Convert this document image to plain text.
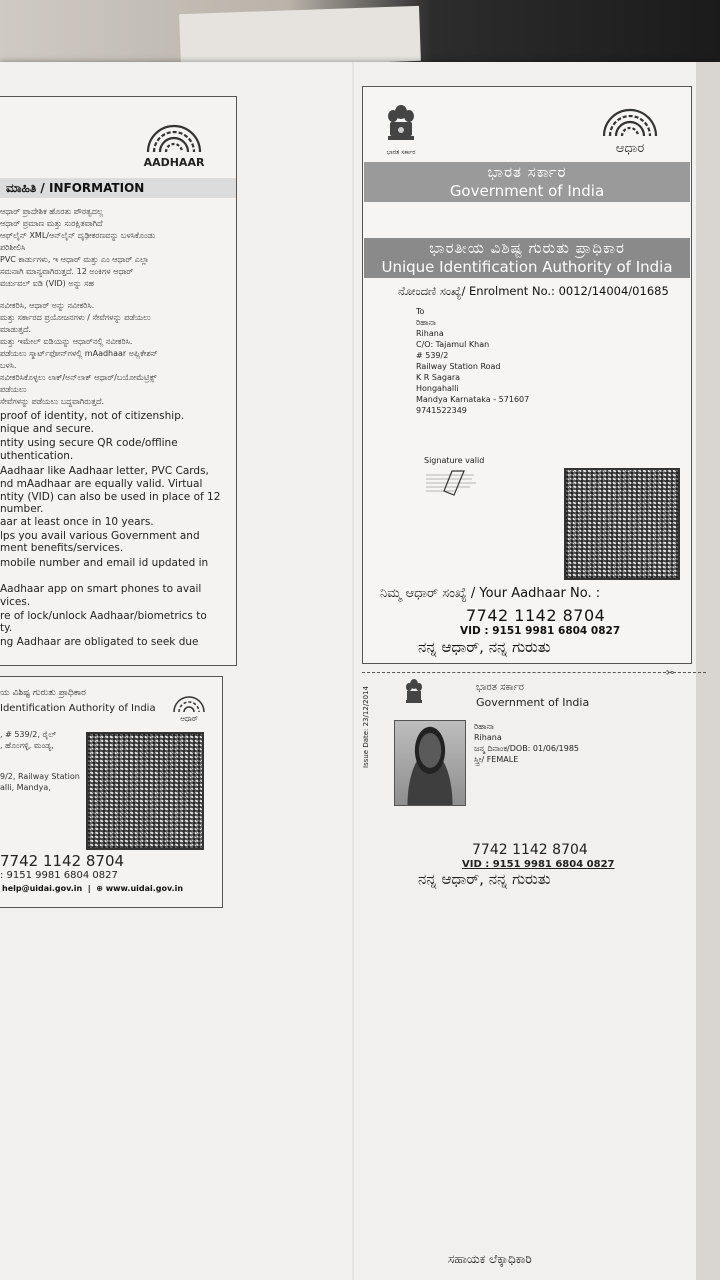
AADHAAR
ಮಾಹಿತಿ / INFORMATION
ಆಧಾರ್ ಪ್ರಾದೇಶಿಕ ಹೊರತು ಪೌರತ್ವದಲ್ಲ
ಆಧಾರ್ ಪ್ರಮಾಣ ಮತ್ತು ಸುರಕ್ಷಿತವಾಗಿದೆ
ಆಫ್‌ಲೈನ್ XML/ಆನ್‌ಲೈನ್ ದೃಢೀಕರಣವನ್ನು ಬಳಸಿಕೊಂಡು
ಪರಿಶೀಲಿಸಿ
PVC ಕಾರ್ಡುಗಳು, ಇ ಆಧಾರ್ ಮತ್ತು ಎಂ ಆಧಾರ್ ಎಲ್ಲಾ
ಸಮನಾಗಿ ಮಾನ್ಯವಾಗಿರುತ್ತದೆ. 12 ಅಂಕಿಗಳ ಆಧಾರ್
ವರ್ಚುವಲ್ ಐಡಿ (VID) ಅನ್ನು ಸಹ
ನವೀಕರಿಸಿ, ಆಧಾರ್ ಅನ್ನು ನವೀಕರಿಸಿ.
ಮತ್ತು ಸರ್ಕಾರದ ಪ್ರಯೋಜನಗಳು / ಸೇವೆಗಳನ್ನು ಪಡೆಯಲು
ಮಾಡುತ್ತದೆ.
ಮತ್ತು ಇಮೇಲ್ ಐಡಿಯನ್ನು ಆಧಾರ್‌ನಲ್ಲಿ ನವೀಕರಿಸಿ.
ಪಡೆಯಲು ಸ್ಮಾರ್ಟ್‌ಫೋನ್‌ಗಳಲ್ಲಿ mAadhaar ಅಪ್ಲಿಕೇಶನ್
ಬಳಸಿ.
ನವೀಕರಿಸಿಕೊಳ್ಳಲು ಲಾಕ್/ಅನ್‌ಲಾಕ್ ಆಧಾರ್/ಬಯೋಮೆಟ್ರಿಕ್ಸ್
ಪಡೆಯಲು
ಸೇವೆಗಳನ್ನು ಪಡೆಯಲು ಬದ್ಧವಾಗಿರುತ್ತದೆ.
proof of identity, not of citizenship.
nique and secure.
ntity using secure QR code/offline
uthentication.
Aadhaar like Aadhaar letter, PVC Cards,
nd mAadhaar are equally valid. Virtual
ntity (VID) can also be used in place of 12
number.
aar at least once in 10 years.
lps you avail various Government and
ment benefits/services.
mobile number and email id updated in
Aadhaar app on smart phones to avail
vices.
re of lock/unlock Aadhaar/biometrics to
ty.
ng Aadhaar are obligated to seek due
ಯ ವಿಶಿಷ್ಟ ಗುರುತು ಪ್ರಾಧಿಕಾರ
Identification Authority of India
ಆಧಾರ್
, # 539/2, ರೈಲ್
, ಹೊಂಗಳ್ಳಿ, ಮಂಡ್ಯ,
9/2, Railway Station
alli, Mandya,
7742 1142 8704
: 9151 9981 6804 0827
help@uidai.gov.in  |  ⊕ www.uidai.gov.in
ಭಾರತ ಸರ್ಕಾರ	ಆಧಾರ
ಭಾರತ ಸರ್ಕಾರ
Government of India
ಭಾರತೀಯ ವಿಶಿಷ್ಟ ಗುರುತು ಪ್ರಾಧಿಕಾರ
Unique Identification Authority of India
ನೋಂದಣಿ ಸಂಖ್ಯೆ/ Enrolment No.: 0012/14004/01685
To
ರಿಹಾನಾ
Rihana
C/O: Tajamul Khan
# 539/2
Railway Station Road
K R Sagara
Hongahalli
Mandya Karnataka - 571607
9741522349
Signature valid
ನಿಮ್ಮ ಆಧಾರ್ ಸಂಖ್ಯೆ / Your Aadhaar No. :
7742 1142 8704
VID : 9151 9981 6804 0827
ನನ್ನ ಆಧಾರ್, ನನ್ನ ಗುರುತು
✂
ಭಾರತ ಸರ್ಕಾರ
Government of India
Issue Date: 23/12/2014	ರಿಹಾನಾ
Rihana
ಜನ್ಮ ದಿನಾಂಕ/DOB: 01/06/1985
ಸ್ತ್ರೀ/ FEMALE
7742 1142 8704
VID : 9151 9981 6804 0827
ನನ್ನ ಆಧಾರ್, ನನ್ನ ಗುರುತು
ಸಹಾಯಕ ಲೆಕ್ಕಾಧಿಕಾರಿ
